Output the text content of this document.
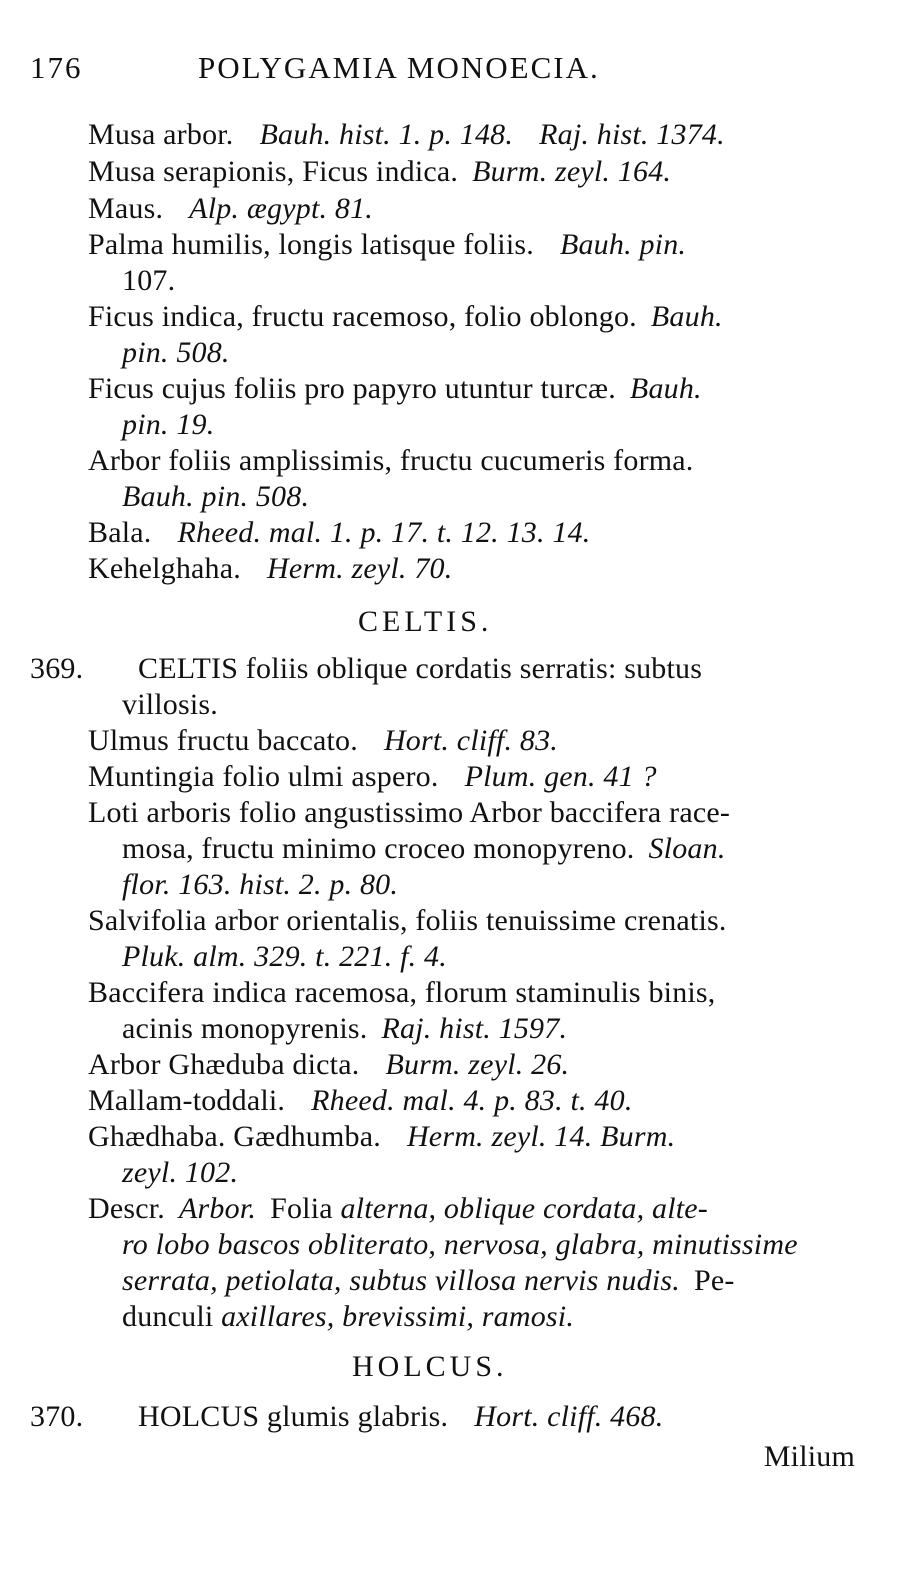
176	POLYGAMIA MONOECIA.
Musa arbor. Bauh. hist. 1. p. 148. Raj. hist. 1374.
Musa serapionis, Ficus indica. Burm. zeyl. 164.
Maus. Alp. ægypt. 81.
Palma humilis, longis latisque foliis. Bauh. pin.
107.
Ficus indica, fructu racemoso, folio oblongo. Bauh.
pin. 508.
Ficus cujus foliis pro papyro utuntur turcæ. Bauh.
pin. 19.
Arbor foliis amplissimis, fructu cucumeris forma.
Bauh. pin. 508.
Bala. Rheed. mal. 1. p. 17. t. 12. 13. 14.
Kehelghaha. Herm. zeyl. 70.
CELTIS.
369. CELTIS foliis oblique cordatis serratis: subtus
villosis.
Ulmus fructu baccato. Hort. cliff. 83.
Muntingia folio ulmi aspero. Plum. gen. 41 ?
Loti arboris folio angustissimo Arbor baccifera race-
mosa, fructu minimo croceo monopyreno. Sloan.
flor. 163. hist. 2. p. 80.
Salvifolia arbor orientalis, foliis tenuissime crenatis.
Pluk. alm. 329. t. 221. f. 4.
Baccifera indica racemosa, florum staminulis binis,
acinis monopyrenis. Raj. hist. 1597.
Arbor Ghæduba dicta. Burm. zeyl. 26.
Mallam-toddali. Rheed. mal. 4. p. 83. t. 40.
Ghædhaba. Gædhumba. Herm. zeyl. 14. Burm.
zeyl. 102.
Descr. Arbor. Folia alterna, oblique cordata, alte-
ro lobo bascos obliterato, nervosa, glabra, minutissime
serrata, petiolata, subtus villosa nervis nudis. Pe-
dunculi axillares, brevissimi, ramosi.
HOLCUS.
370. HOLCUS glumis glabris. Hort. cliff. 468.
Milium
